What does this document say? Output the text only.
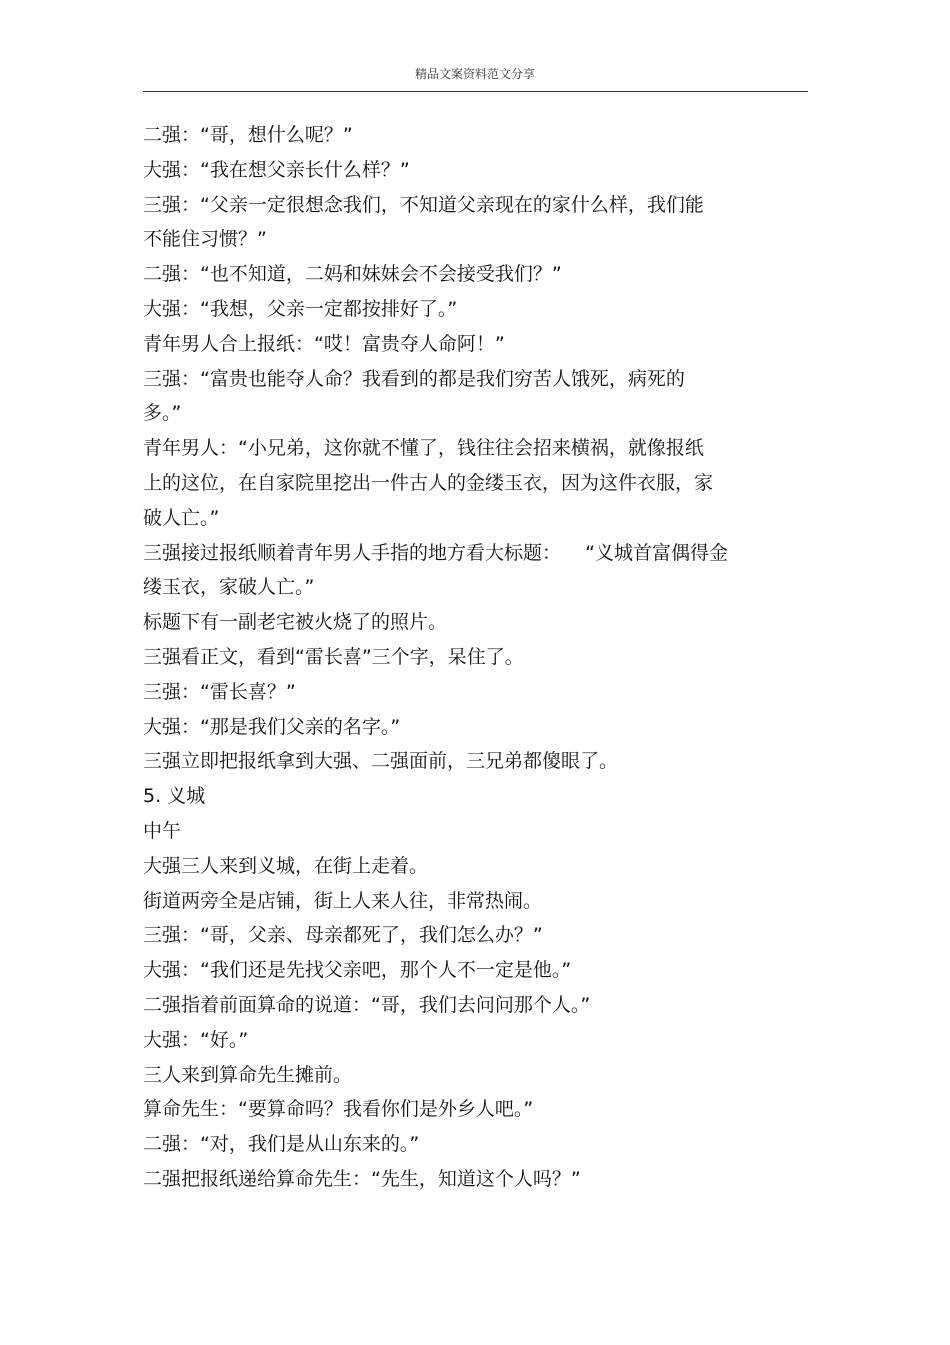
精品文案资料范文分享
二强：“哥，想什么呢？”
大强：“我在想父亲长什么样？”
三强：“父亲一定很想念我们，不知道父亲现在的家什么样，我们能
不能住习惯？”
二强：“也不知道，二妈和妹妹会不会接受我们？”
大强：“我想，父亲一定都按排好了。”
青年男人合上报纸：“哎！富贵夺人命阿！”
三强：“富贵也能夺人命？我看到的都是我们穷苦人饿死，病死的
多。”
青年男人：“小兄弟，这你就不懂了，钱往往会招来横祸，就像报纸
上的这位，在自家院里挖出一件古人的金缕玉衣，因为这件衣服，家
破人亡。”
三强接过报纸顺着青年男人手指的地方看大标题：    “义城首富偶得金
缕玉衣，家破人亡。”
标题下有一副老宅被火烧了的照片。
三强看正文，看到“雷长喜”三个字，呆住了。
三强：“雷长喜？”
大强：“那是我们父亲的名字。”
三强立即把报纸拿到大强、二强面前，三兄弟都傻眼了。
5. 义城
中午
大强三人来到义城，在街上走着。
街道两旁全是店铺，街上人来人往，非常热闹。
三强：“哥，父亲、母亲都死了，我们怎么办？”
大强：“我们还是先找父亲吧，那个人不一定是他。”
二强指着前面算命的说道：“哥，我们去问问那个人。”
大强：“好。”
三人来到算命先生摊前。
算命先生：“要算命吗？我看你们是外乡人吧。”
二强：“对，我们是从山东来的。”
二强把报纸递给算命先生：“先生，知道这个人吗？”
